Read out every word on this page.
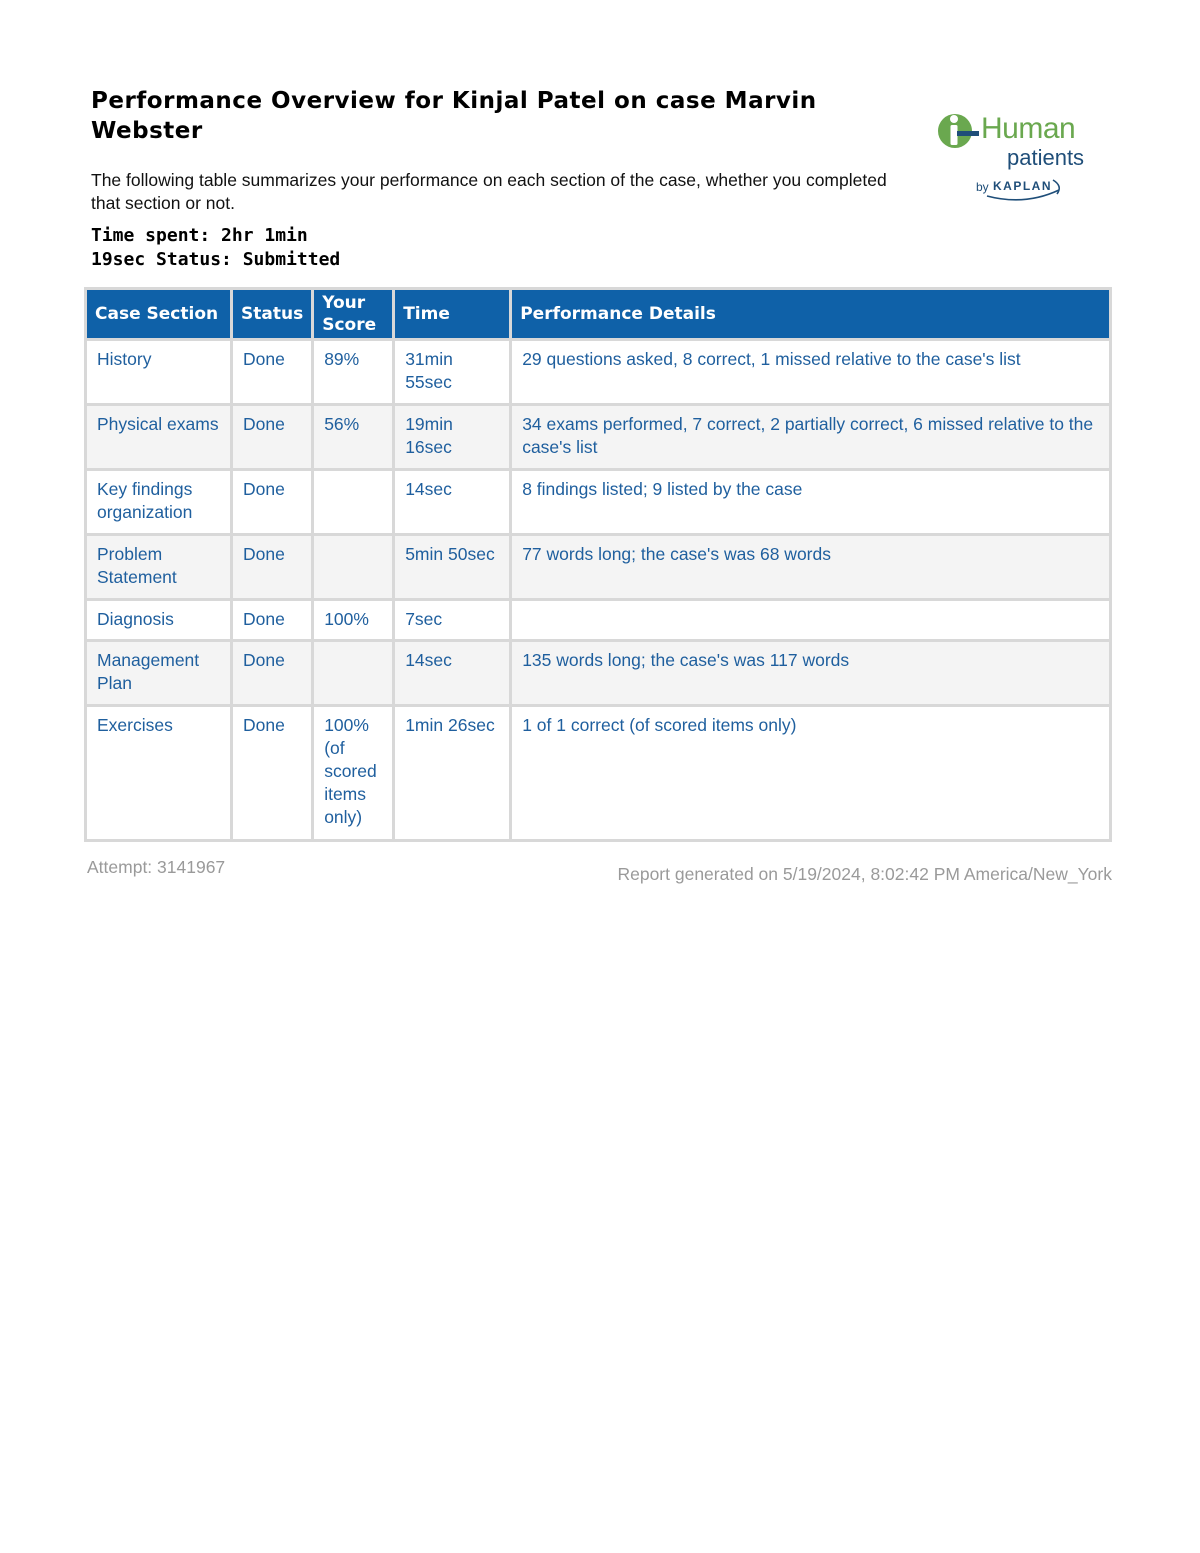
Performance Overview for Kinjal Patel on case Marvin Webster
The following table summarizes your performance on each section of the case, whether you completed that section or not.
Time spent: 2hr 1min
19sec Status: Submitted
Human
patients
by KAPLAN
Case Section	Status	Your Score	Time	Performance Details

History	Done	89%	31min 55sec	29 questions asked, 8 correct, 1 missed relative to the case's list
Physical exams	Done	56%	19min 16sec	34 exams performed, 7 correct, 2 partially correct, 6 missed relative to the case's list
Key findings organization	Done		14sec	8 findings listed; 9 listed by the case
Problem Statement	Done		5min 50sec	77 words long; the case's was 68 words
Diagnosis	Done	100%	7sec	
Management Plan	Done		14sec	135 words long; the case's was 117 words
Exercises	Done	100% (of scored items only)	1min 26sec	1 of 1 correct (of scored items only)
Attempt: 3141967	Report generated on 5/19/2024, 8:02:42 PM America/New_York
